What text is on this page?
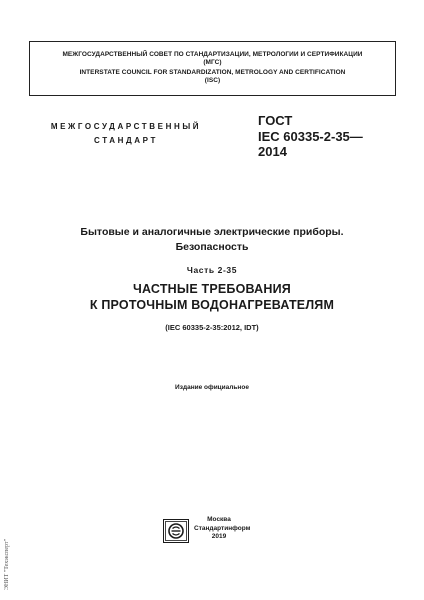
МЕЖГОСУДАРСТВЕННЫЙ СОВЕТ ПО СТАНДАРТИЗАЦИИ, МЕТРОЛОГИИ И СЕРТИФИКАЦИИ
(МГС)
INTERSTATE COUNCIL FOR STANDARDIZATION, METROLOGY AND CERTIFICATION
(ISC)
МЕЖГОСУДАРСТВЕННЫЙ
СТАНДАРТ
ГОСТ
IEC 60335-2-35—
2014
Бытовые и аналогичные электрические приборы.
Безопасность
Часть 2-35
ЧАСТНЫЕ ТРЕБОВАНИЯ
К ПРОТОЧНЫМ ВОДОНАГРЕВАТЕЛЯМ
(IEC 60335-2-35:2012, IDT)
Издание официальное
ЭНИТ "Техэксперт"
Москва
Стандартинформ
2019
